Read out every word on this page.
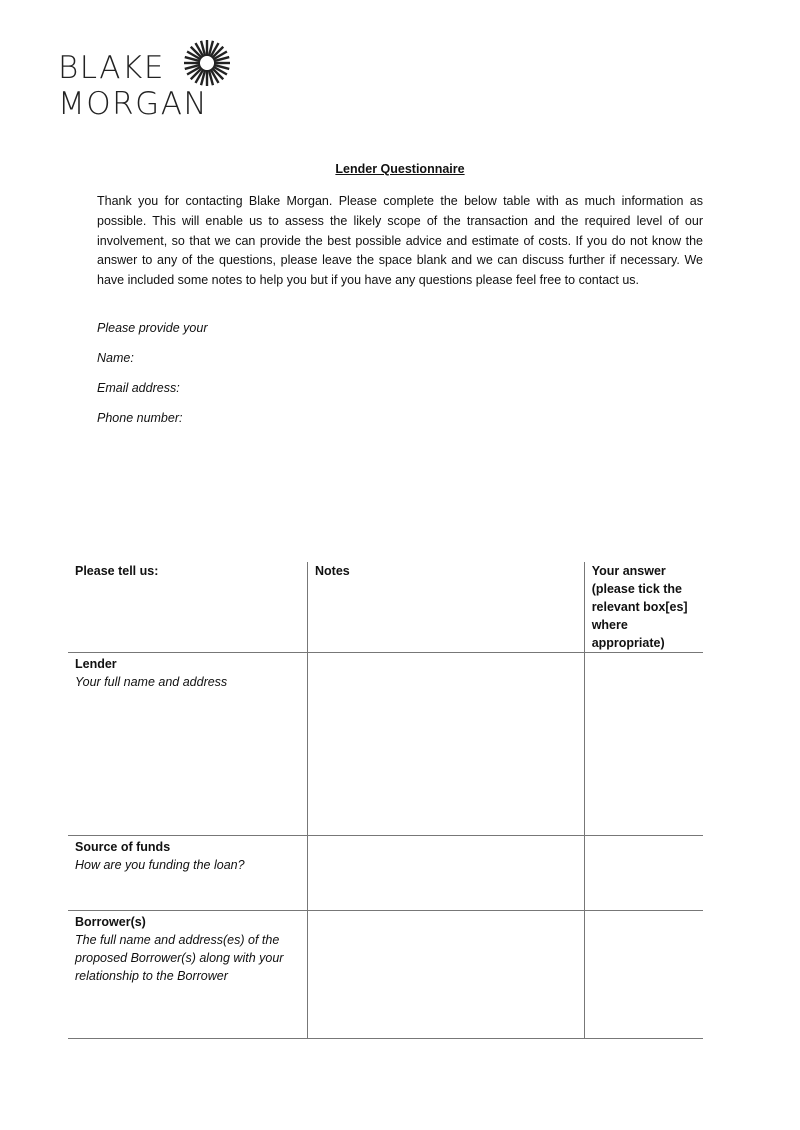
BLAKE
MORGAN
Lender Questionnaire

Thank you for contacting Blake Morgan. Please complete the below table with as much information as possible. This will enable us to assess the likely scope of the transaction and the required level of our involvement, so that we can provide the best possible advice and estimate of costs. If you do not know the answer to any of the questions, please leave the space blank and we can discuss further if necessary. We have included some notes to help you but if you have any questions please feel free to contact us.

Please provide your
Name:
Email address:
Phone number:
Please tell us:	Notes	Your answer (please tick the relevant box[es] where appropriate)

Lender
Your full name and address		

Source of funds
How are you funding the loan?		

Borrower(s)
The full name and address(es) of the proposed Borrower(s) along with your relationship to the Borrower		
